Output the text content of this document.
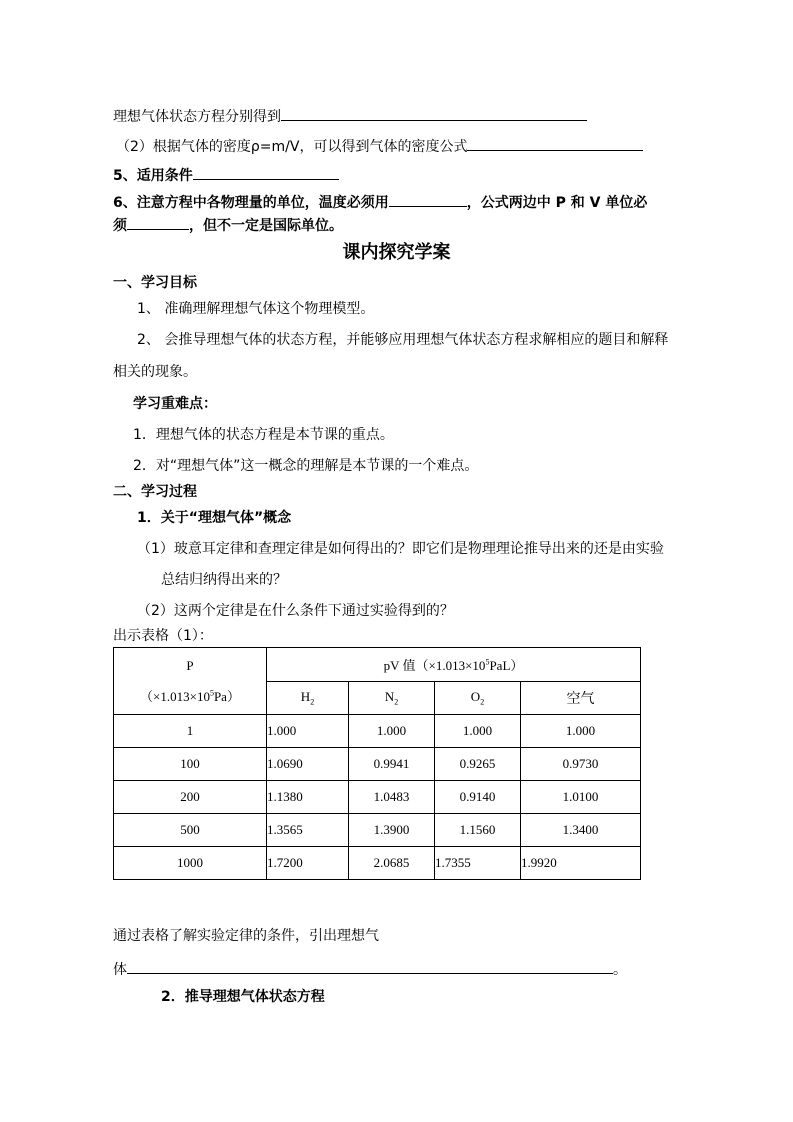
理想气体状态方程分别得到
（2）根据气体的密度ρ=m/V，可以得到气体的密度公式
5、适用条件
6、注意方程中各物理量的单位，温度必须用	，公式两边中 P 和 V 单位必
须	，但不一定是国际单位。
课内探究学案
一、学习目标
1、 准确理解理想气体这个物理模型。
2、 会推导理想气体的状态方程，并能够应用理想气体状态方程求解相应的题目和解释
相关的现象。
学习重难点：
1．理想气体的状态方程是本节课的重点。
2．对“理想气体”这一概念的理解是本节课的一个难点。
二、学习过程
1．关于“理想气体”概念
（1）玻意耳定律和查理定律是如何得出的？即它们是物理理论推导出来的还是由实验
总结归纳得出来的？
（2）这两个定律是在什么条件下通过实验得到的？
出示表格（1）：
P
$(\times 1.013\times 10^5Pa)$	pV 值$(\times 1.013\times 10^5PaL)$			
	$H_2$	$N_2$	$O_2$	空气
1	1.000	1.000	1.000	1.000
100	1.0690	0.9941	0.9265	0.9730
200	1.1380	1.0483	0.9140	1.0100
500	1.3565	1.3900	1.1560	1.3400
1000	1.7200	2.0685	1.7355	1.9920
通过表格了解实验定律的条件，引出理想气
体	。
2．推导理想气体状态方程
